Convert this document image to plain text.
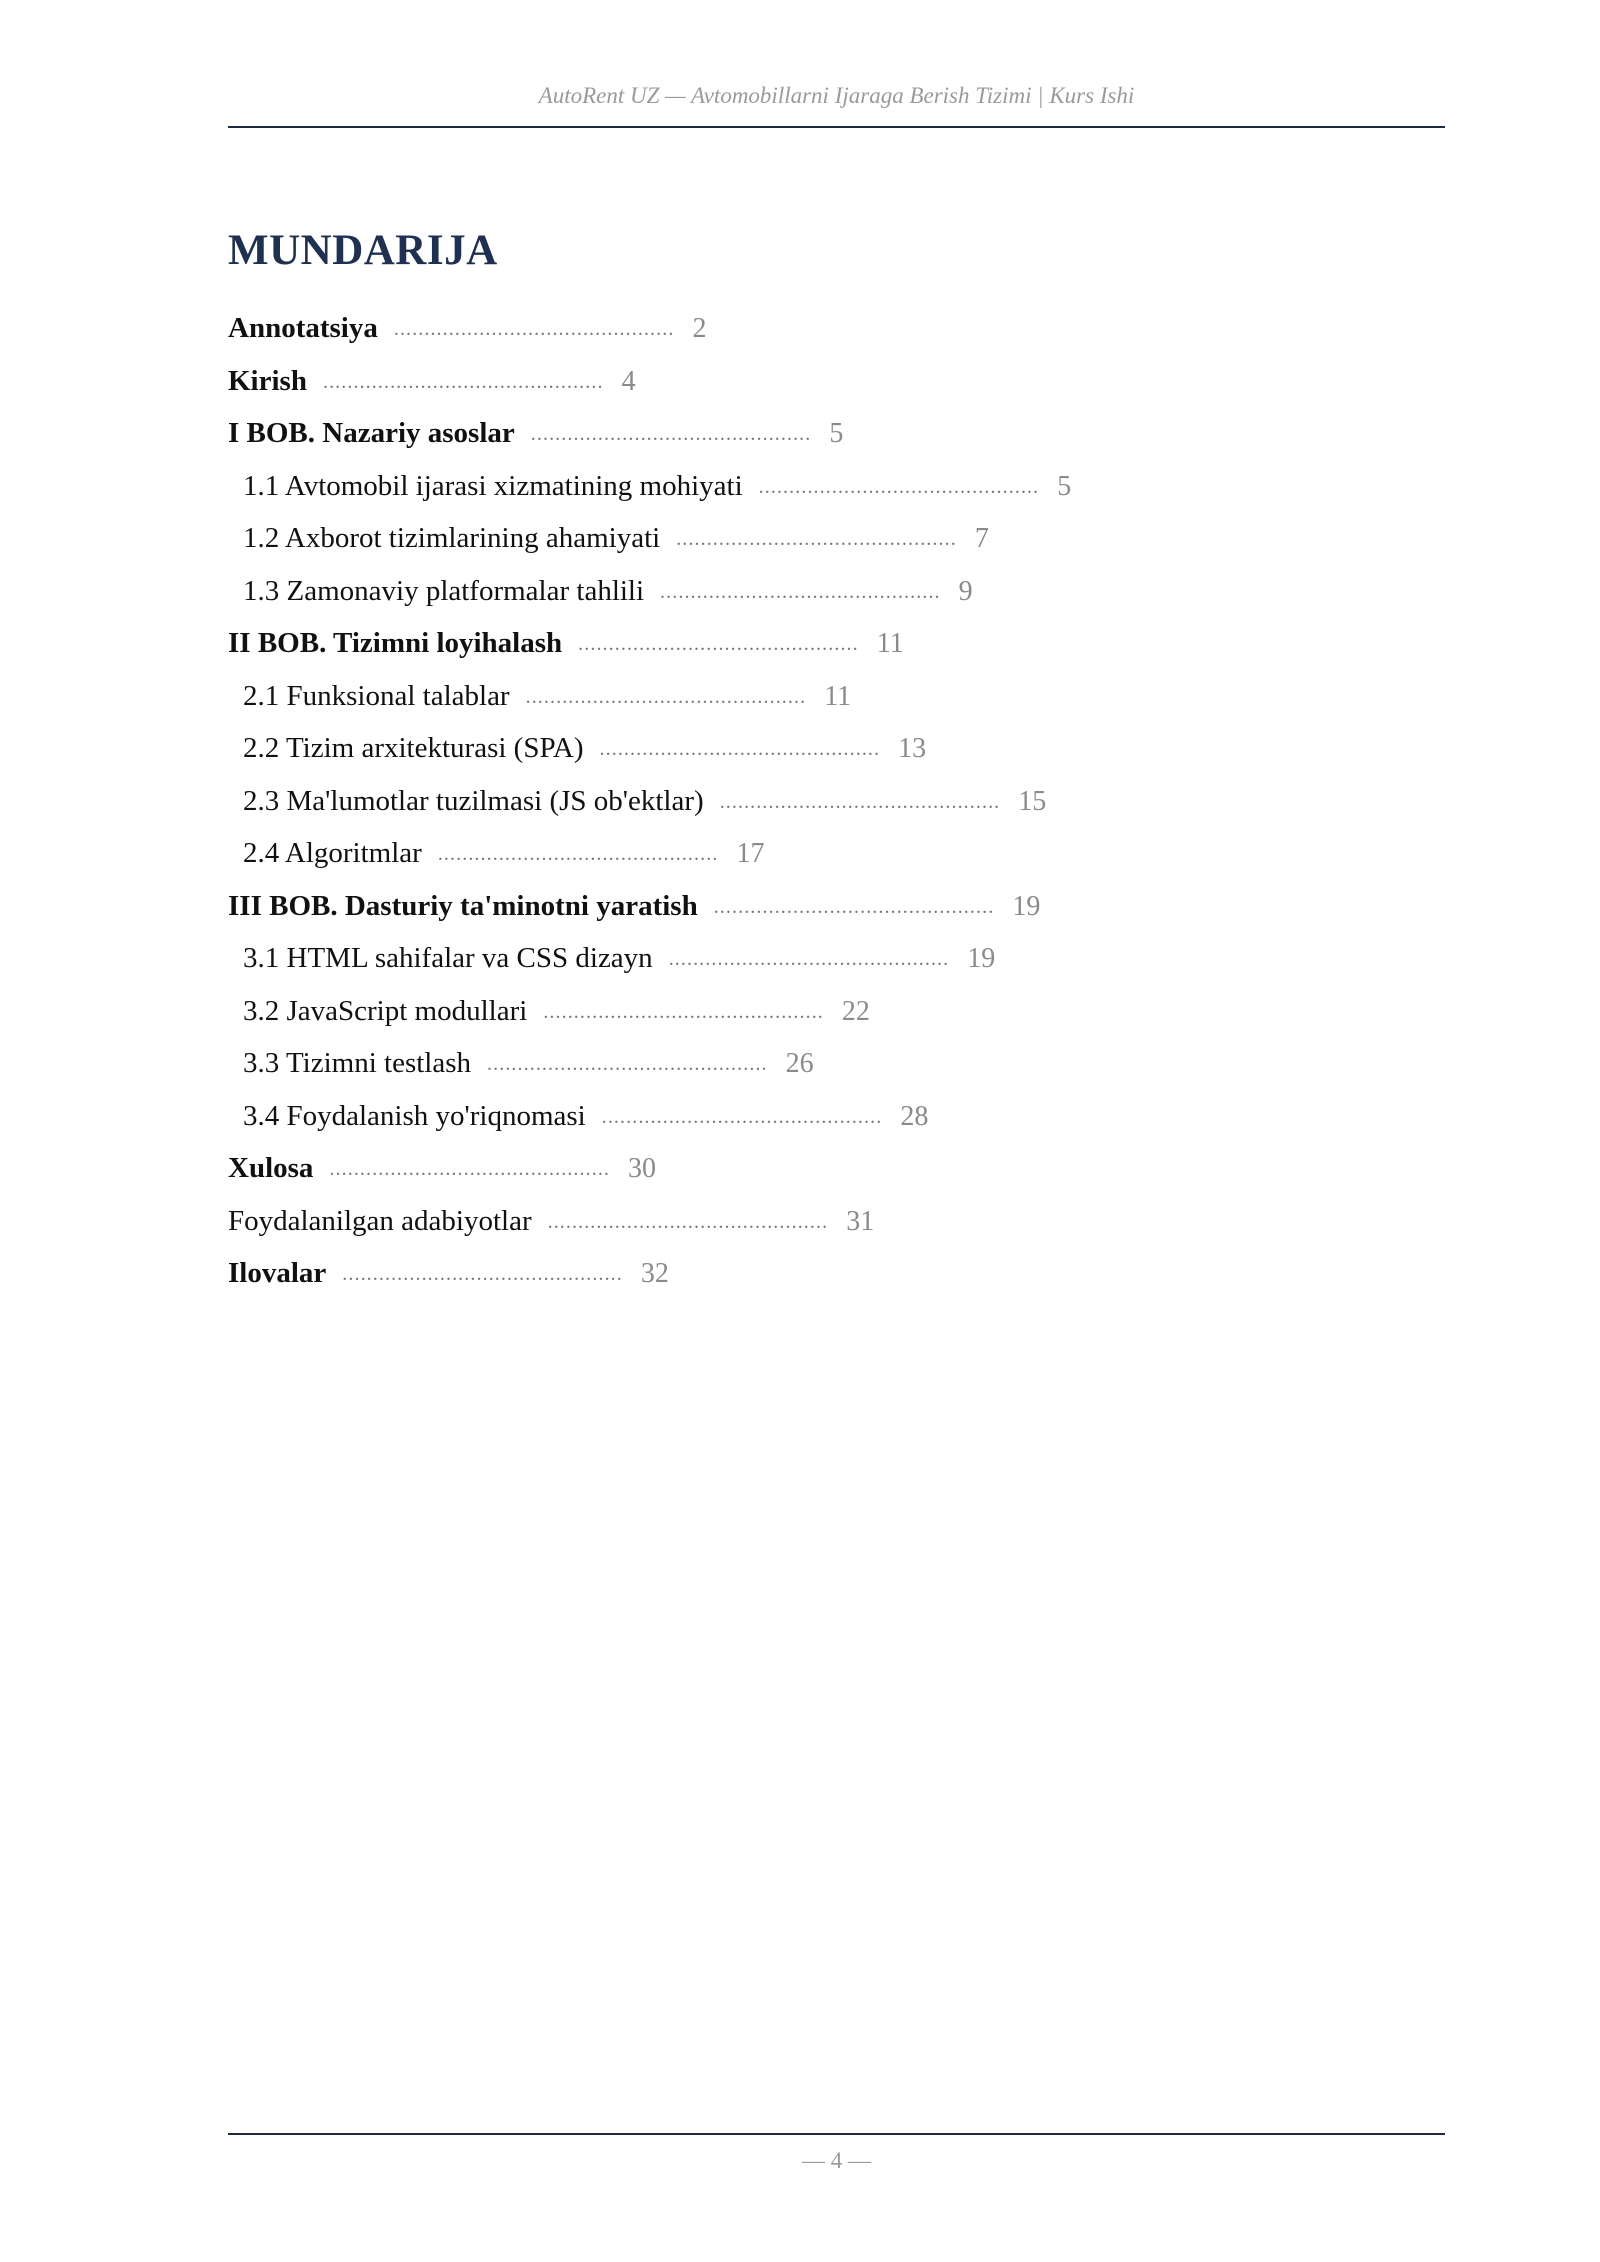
AutoRent UZ — Avtomobillarni Ijaraga Berish Tizimi | Kurs Ishi
MUNDARIJA
Annotatsiya .............................................. 2
Kirish .............................................. 4
I BOB. Nazariy asoslar .............................................. 5
1.1 Avtomobil ijarasi xizmatining mohiyati .............................................. 5
1.2 Axborot tizimlarining ahamiyati .............................................. 7
1.3 Zamonaviy platformalar tahlili .............................................. 9
II BOB. Tizimni loyihalash .............................................. 11
2.1 Funksional talablar .............................................. 11
2.2 Tizim arxitekturasi (SPA) .............................................. 13
2.3 Ma'lumotlar tuzilmasi (JS ob'ektlar) .............................................. 15
2.4 Algoritmlar .............................................. 17
III BOB. Dasturiy ta'minotni yaratish .............................................. 19
3.1 HTML sahifalar va CSS dizayn .............................................. 19
3.2 JavaScript modullari .............................................. 22
3.3 Tizimni testlash .............................................. 26
3.4 Foydalanish yo'riqnomasi .............................................. 28
Xulosa .............................................. 30
Foydalanilgan adabiyotlar .............................................. 31
Ilovalar .............................................. 32
— 4 —
